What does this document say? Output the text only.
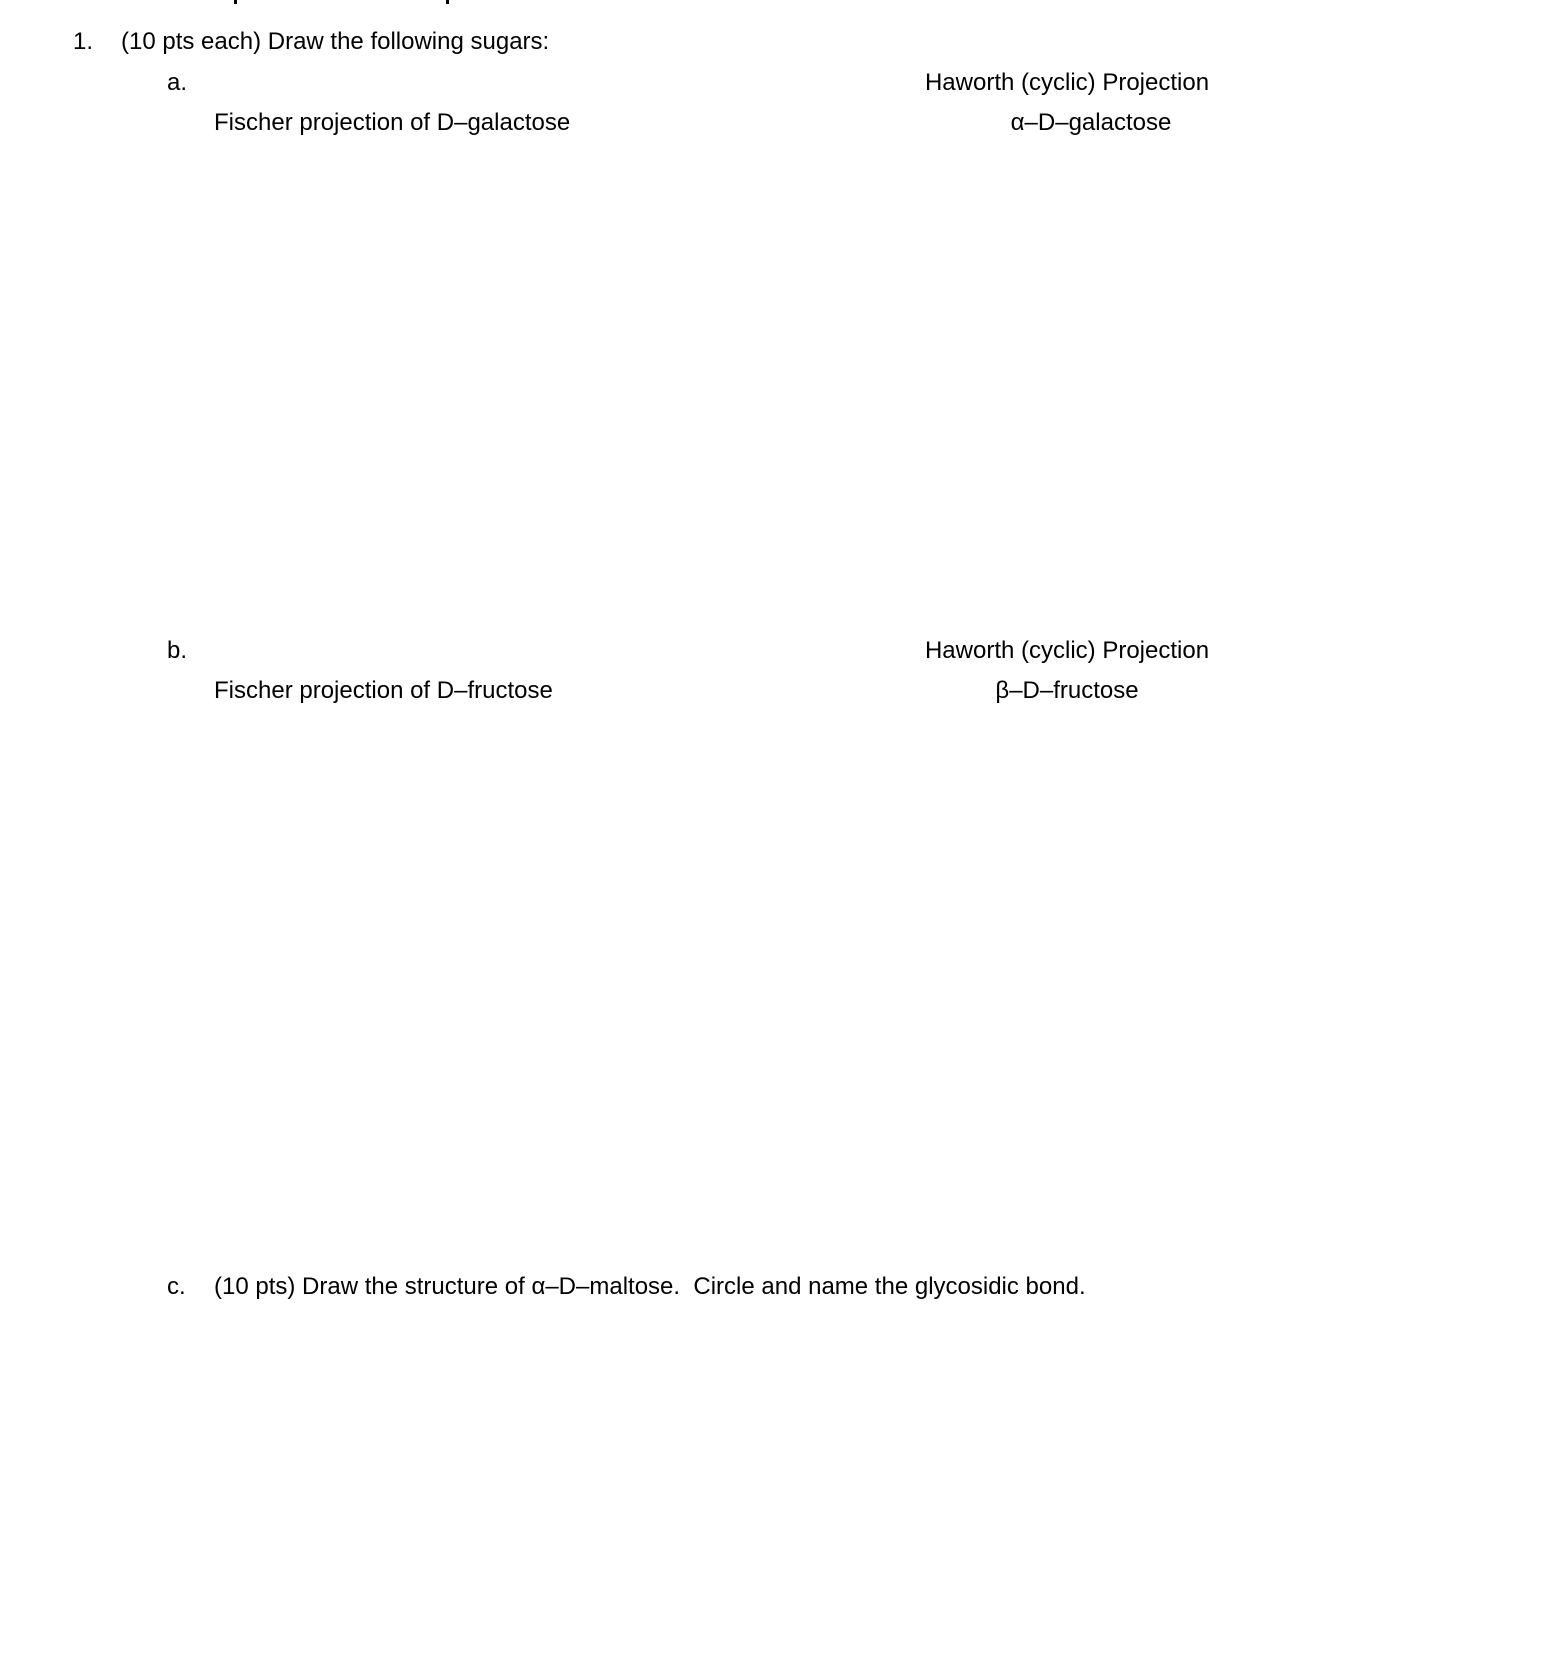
1. (10 pts each) Draw the following sugars:
a.
Fischer projection of D–galactose
Haworth (cyclic) Projection
α–D–galactose
b.
Fischer projection of D–fructose
Haworth (cyclic) Projection
β–D–fructose
c. (10 pts) Draw the structure of α–D–maltose.  Circle and name the glycosidic bond.
